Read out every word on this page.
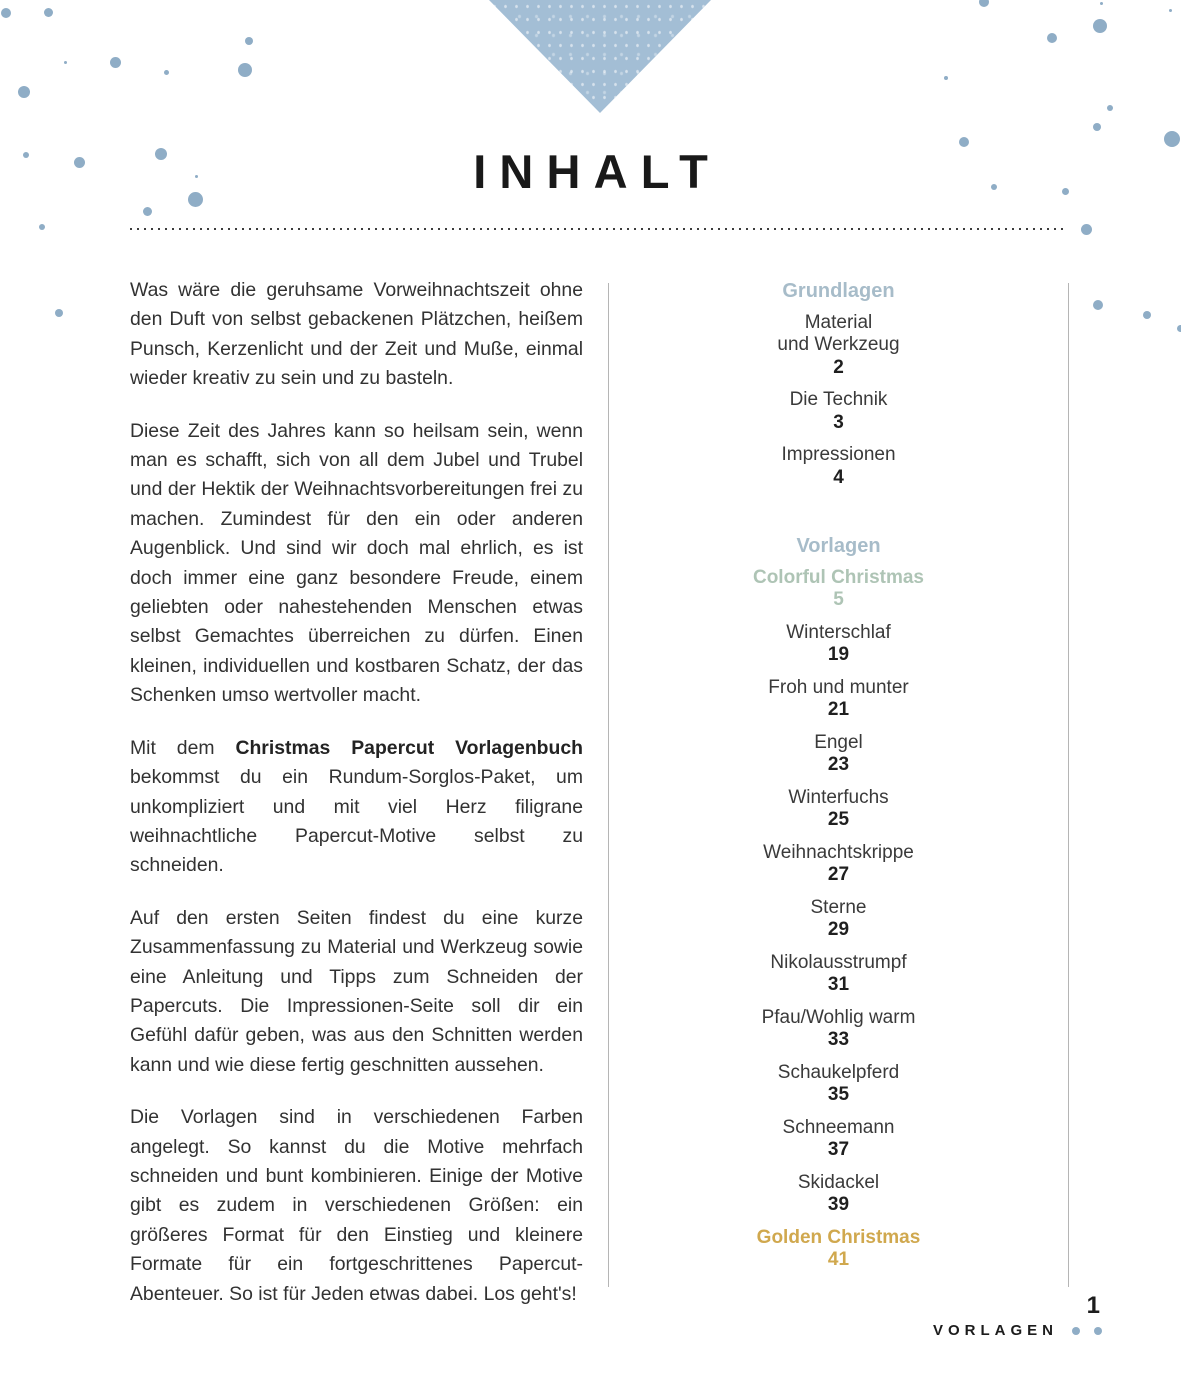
INHALT

Was wäre die geruhsame Vorweihnachtszeit ohne den Duft von selbst gebackenen Plätzchen, heißem Punsch, Kerzenlicht und der Zeit und Muße, einmal wieder kreativ zu sein und zu basteln.

Diese Zeit des Jahres kann so heilsam sein, wenn man es schafft, sich von all dem Jubel und Trubel und der Hektik der Weihnachtsvorbereitungen frei zu machen. Zumindest für den ein oder anderen Augenblick. Und sind wir doch mal ehrlich, es ist doch immer eine ganz besondere Freude, einem geliebten oder nahestehenden Menschen etwas selbst Gemachtes überreichen zu dürfen. Einen kleinen, individuellen und kostbaren Schatz, der das Schenken umso wertvoller macht.

Mit dem Christmas Papercut Vorlagenbuch bekommst du ein Rundum-Sorglos-Paket, um unkompliziert und mit viel Herz filigrane weihnachtliche Papercut-Motive selbst zu schneiden.

Auf den ersten Seiten findest du eine kurze Zusammenfassung zu Material und Werkzeug sowie eine Anleitung und Tipps zum Schneiden der Papercuts. Die Impressionen-Seite soll dir ein Gefühl dafür geben, was aus den Schnitten werden kann und wie diese fertig geschnitten aussehen.

Die Vorlagen sind in verschiedenen Farben angelegt. So kannst du die Motive mehrfach schneiden und bunt kombinieren. Einige der Motive gibt es zudem in verschiedenen Größen: ein größeres Format für den Einstieg und kleinere Formate für ein fortgeschrittenes Papercut-Abenteuer. So ist für Jeden etwas dabei. Los geht's!

Grundlagen
Material
und Werkzeug
2
Die Technik
3
Impressionen
4
Vorlagen
Colorful Christmas
5
Winterschlaf
19
Froh und munter
21
Engel
23
Winterfuchs
25
Weihnachtskrippe
27
Sterne
29
Nikolausstrumpf
31
Pfau/Wohlig warm
33
Schaukelpferd
35
Schneemann
37
Skidackel
39
Golden Christmas
41
1
VORLAGEN
